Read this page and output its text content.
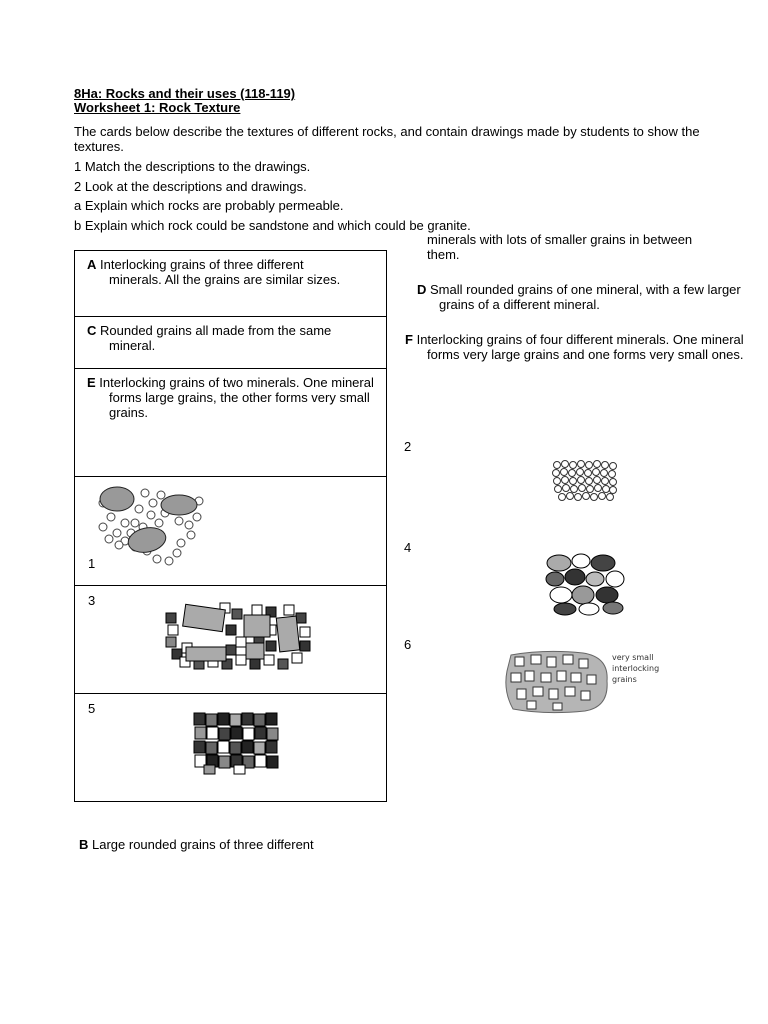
8Ha: Rocks and their uses (118-119)
Worksheet 1: Rock Texture
The cards below describe the textures of different rocks, and contain drawings made by students to show the textures.
1 Match the descriptions to the drawings.
2 Look at the descriptions and drawings.
a Explain which rocks are probably permeable.
b Explain which rock could be sandstone and which could be granite.
A Interlocking grains of three different minerals. All the grains are similar sizes.
C Rounded grains all made from the same mineral.
E Interlocking grains of two minerals. One mineral forms large grains, the other forms very small grains.
1
3
5
minerals with lots of smaller grains in between them.
D Small rounded grains of one mineral, with a few larger grains of a different mineral.
F Interlocking grains of four different minerals. One mineral forms very large grains and one forms very small ones.
2
4
6
very small
interlocking
grains
B Large rounded grains of three different
